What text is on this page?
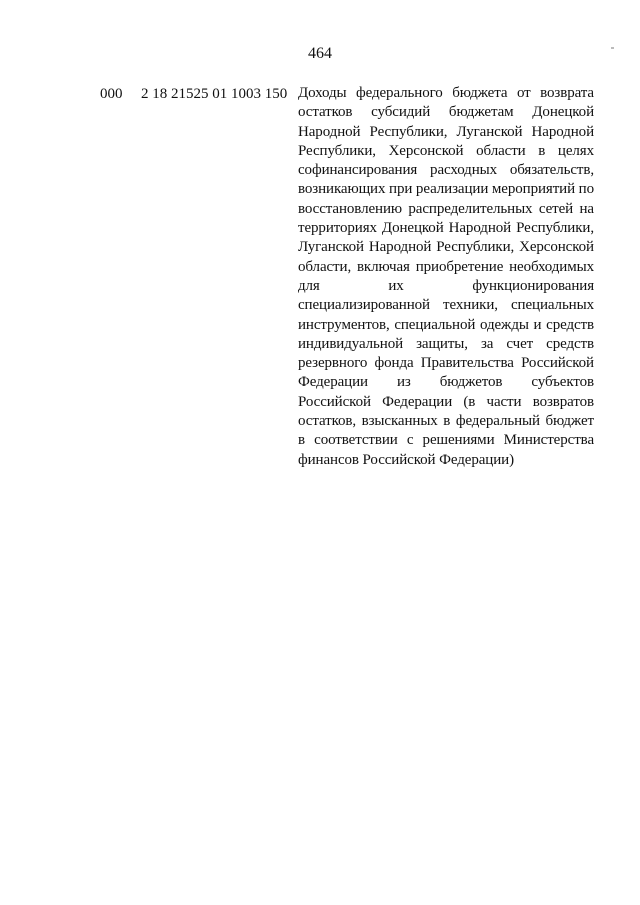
464
000 2 18 21525 01 1003 150 Доходы федерального бюджета от возврата остатков субсидий бюджетам Донецкой Народной Республики, Луганской Народной Республики, Херсонской области в целях софинансирования расходных обязательств, возникающих при реализации мероприятий по восстановлению распределительных сетей на территориях Донецкой Народной Республики, Луганской Народной Республики, Херсонской области, включая приобретение необходимых для их функционирования специализированной техники, специальных инструментов, специальной одежды и средств индивидуальной защиты, за счет средств резервного фонда Правительства Российской Федерации из бюджетов субъектов Российской Федерации (в части возвратов остатков, взысканных в федеральный бюджет в соответствии с решениями Министерства финансов Российской Федерации)
